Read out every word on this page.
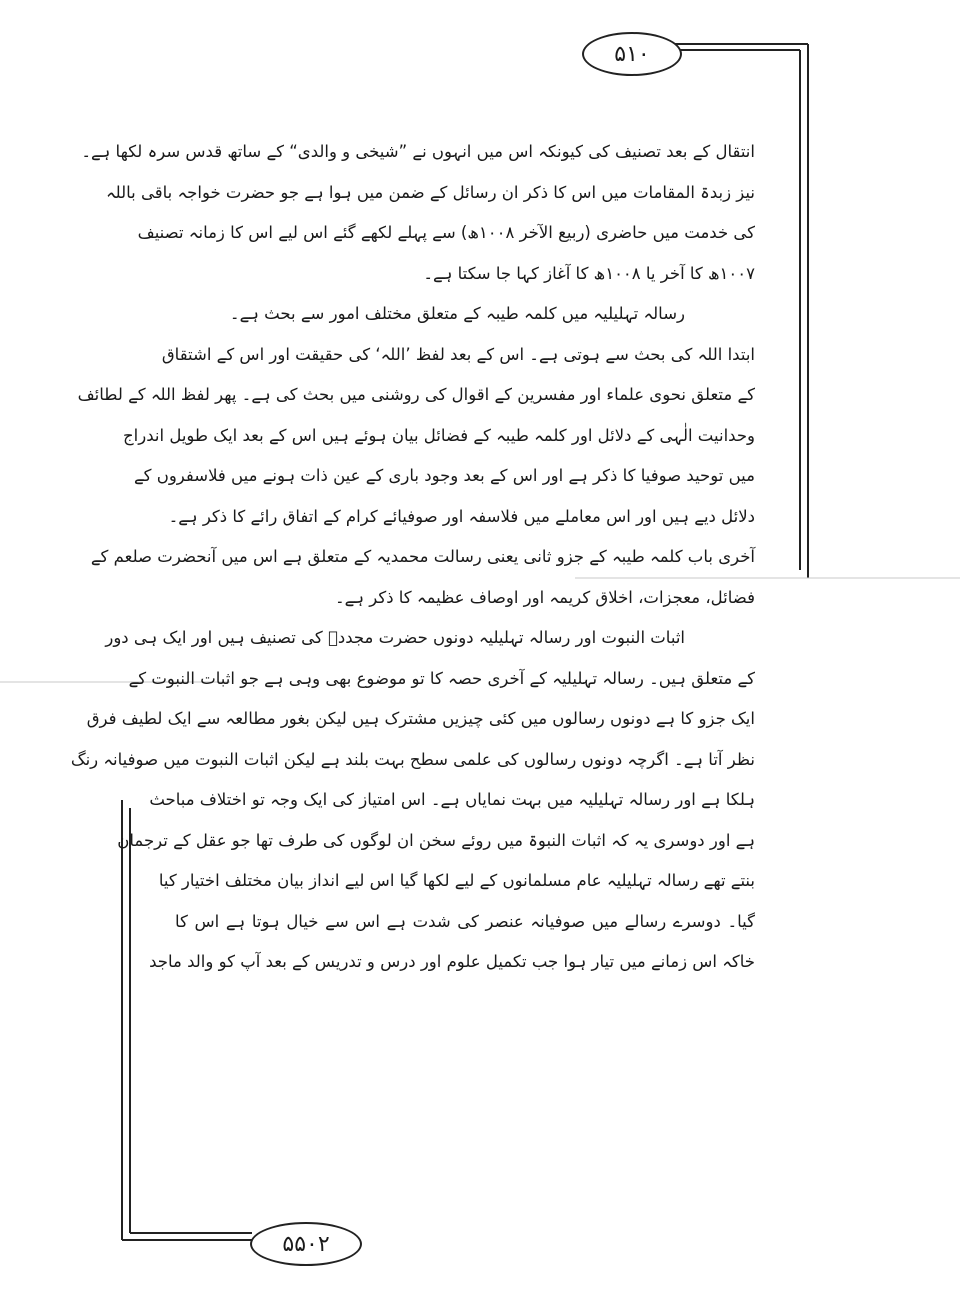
۵۱۰
۵۵۰۲
انتقال کے بعد تصنیف کی کیونکہ اس میں انہوں نے ”شیخی و والدی“ کے ساتھ قدس سرہ لکھا ہے۔
نیز زبدۃ المقامات میں اس کا ذکر ان رسائل کے ضمن میں ہوا ہے جو حضرت خواجہ باقی باللہ
کی خدمت میں حاضری (ربیع الآخر ۱۰۰۸ھ) سے پہلے لکھے گئے اس لیے اس کا زمانہ تصنیف
۱۰۰۷ھ کا آخر یا ۱۰۰۸ھ کا آغاز کہا جا سکتا ہے۔
رسالہ تہلیلیہ میں کلمہ طیبہ کے متعلق مختلف امور سے بحث ہے۔
ابتدا اللہ کی بحث سے ہوتی ہے۔ اس کے بعد لفظ ’اللہ‘ کی حقیقت اور اس کے اشتقاق
کے متعلق نحوی علماء اور مفسرین کے اقوال کی روشنی میں بحث کی ہے۔ پھر لفظ اللہ کے لطائف
وحدانیت الٰہی کے دلائل اور کلمہ طیبہ کے فضائل بیان ہوئے ہیں اس کے بعد ایک طویل اندراج
میں توحید صوفیا کا ذکر ہے اور اس کے بعد وجود باری کے عین ذات ہونے میں فلاسفروں کے
دلائل دیے ہیں اور اس معاملے میں فلاسفہ اور صوفیائے کرام کے اتفاق رائے کا ذکر ہے۔
آخری باب کلمہ طیبہ کے جزو ثانی یعنی رسالت محمدیہ کے متعلق ہے اس میں آنحضرت صلعم کے
فضائل، معجزات، اخلاق کریمہ اور اوصاف عظیمہ کا ذکر ہے۔
اثبات النبوت اور رسالہ تہلیلیہ دونوں حضرت مجددؒ کی تصنیف ہیں اور ایک ہی دور
کے متعلق ہیں۔ رسالہ تہلیلیہ کے آخری حصہ کا تو موضوع بھی وہی ہے جو اثبات النبوت کے
ایک جزو کا ہے دونوں رسالوں میں کئی چیزیں مشترک ہیں لیکن بغور مطالعہ سے ایک لطیف فرق
نظر آتا ہے۔ اگرچہ دونوں رسالوں کی علمی سطح بہت بلند ہے لیکن اثبات النبوت میں صوفیانہ رنگ
ہلکا ہے اور رسالہ تہلیلیہ میں بہت نمایاں ہے۔ اس امتیاز کی ایک وجہ تو اختلاف مباحث
ہے اور دوسری یہ کہ اثبات النبوۃ میں روئے سخن ان لوگوں کی طرف تھا جو عقل کے ترجمان
بنتے تھے رسالہ تہلیلیہ عام مسلمانوں کے لیے لکھا گیا اس لیے انداز بیان مختلف اختیار کیا
گیا۔ دوسرے رسالے میں صوفیانہ عنصر کی شدت ہے اس سے خیال ہوتا ہے اس کا
خاکہ اس زمانے میں تیار ہوا جب تکمیل علوم اور درس و تدریس کے بعد آپ کو والد ماجد
